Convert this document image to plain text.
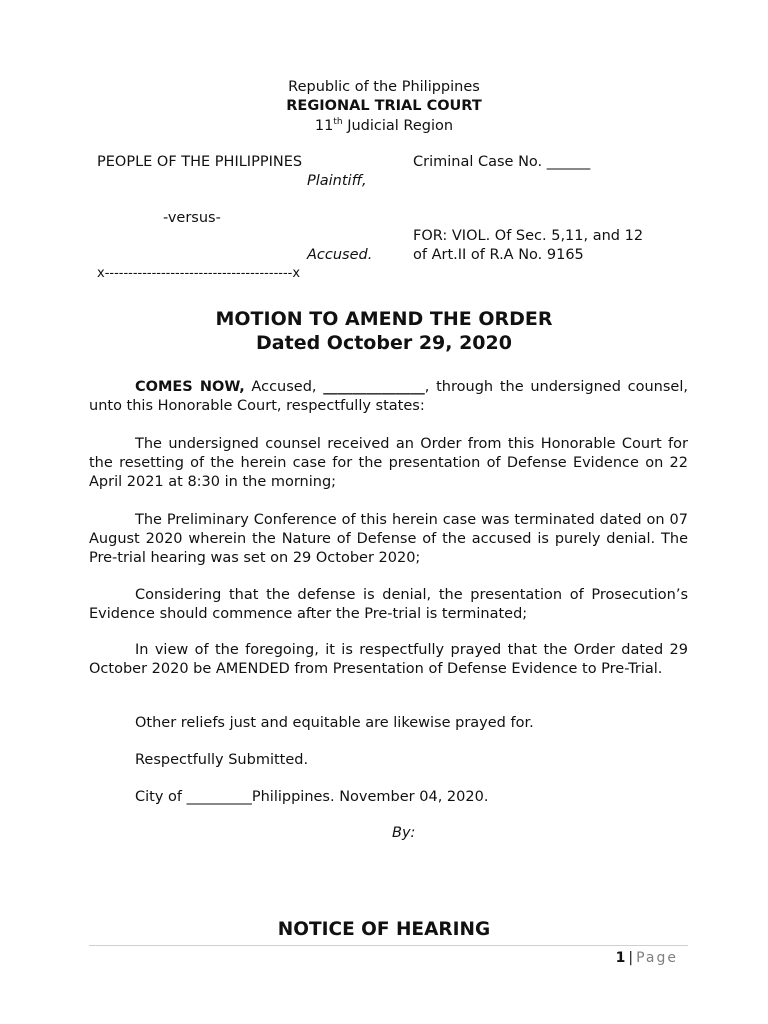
Republic of the Philippines
REGIONAL TRIAL COURT
11th Judicial Region
PEOPLE OF THE PHILIPPINES
Plaintiff,
-versus-
Accused.
x----------------------------------------x
Criminal Case No. ______
FOR: VIOL. Of Sec. 5,11, and 12
of Art.II of R.A No. 9165
MOTION TO AMEND THE ORDER
Dated October 29, 2020
COMES NOW, Accused, ______________, through the undersigned counsel, unto this Honorable Court, respectfully states:
The undersigned counsel received an Order from this Honorable Court for the resetting of the herein case for the presentation of Defense Evidence on 22 April 2021 at 8:30 in the morning;
The Preliminary Conference of this herein case was terminated dated on 07 August 2020 wherein the Nature of Defense of the accused is purely denial. The Pre-trial hearing was set on 29 October 2020;
Considering that the defense is denial, the presentation of Prosecution’s Evidence should commence after the Pre-trial is terminated;
In view of the foregoing, it is respectfully prayed that the Order dated 29 October 2020 be AMENDED from Presentation of Defense Evidence to Pre-Trial.
Other reliefs just and equitable are likewise prayed for.
Respectfully Submitted.
City of _________Philippines. November 04, 2020.
By:
NOTICE OF HEARING
1 | Page
